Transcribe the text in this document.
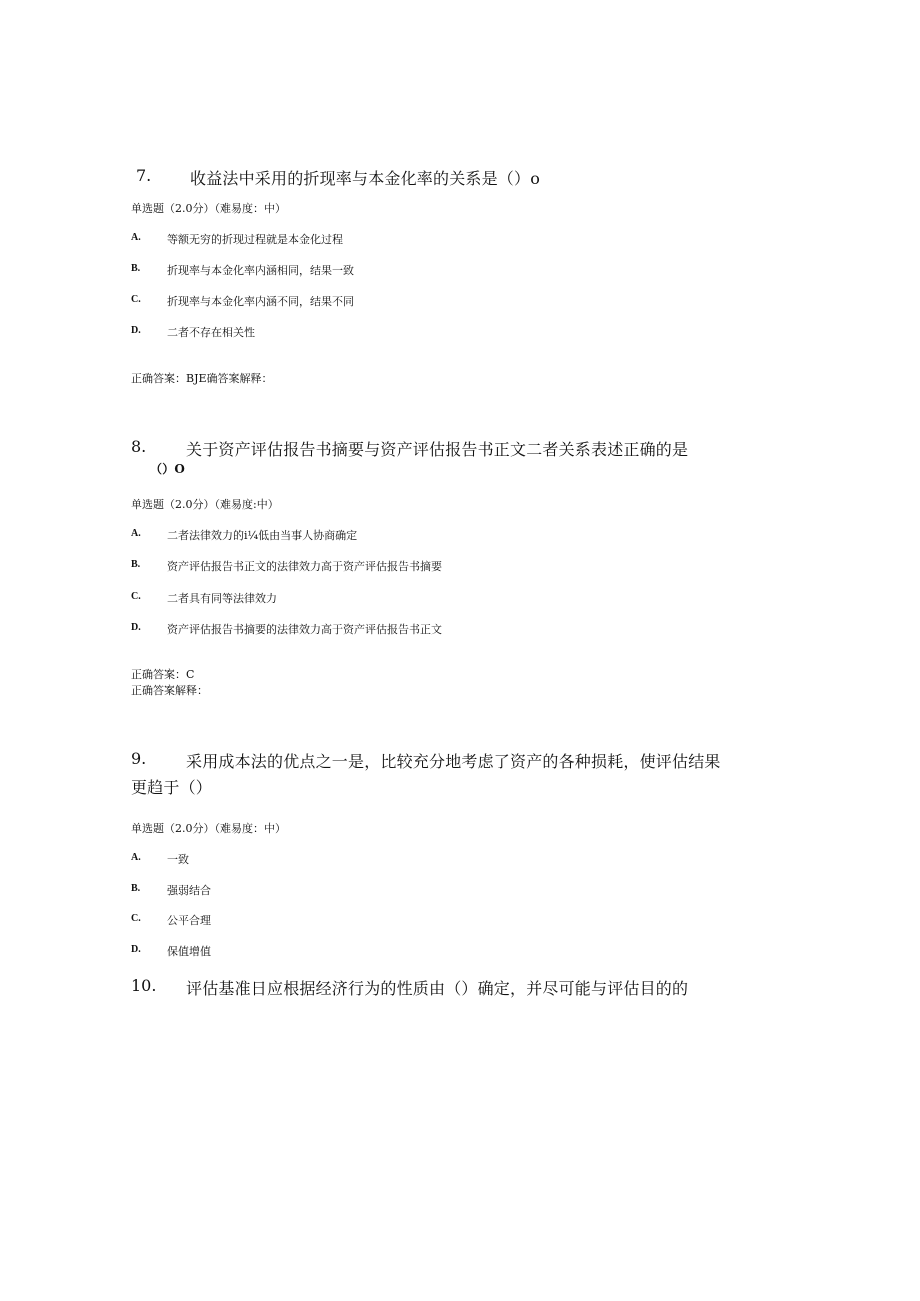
7. 收益法中采用的折现率与本金化率的关系是（）o
单选题（2.0分）（难易度：中）
A. 等额无穷的折现过程就是本金化过程
B. 折现率与本金化率内涵相同，结果一致
C. 折现率与本金化率内涵不同，结果不同
D. 二者不存在相关性
正确答案：BJE确答案解释：
8. 关于资产评估报告书摘要与资产评估报告书正文二者关系表述正确的是
（）O
单选题（2.0分）（难易度:中）
A. 二者法律效力的i¼低由当事人协商确定
B. 资产评估报告书正文的法律效力高于资产评估报告书摘要
C. 二者具有同等法律效力
D. 资产评估报告书摘要的法律效力高于资产评估报告书正文
正确答案：C
正确答案解释：
9. 采用成本法的优点之一是，比较充分地考虑了资产的各种损耗，使评估结果
更趋于（）
单选题（2.0分）（难易度：中）
A. 一致
B. 强弱结合
C. 公平合理
D. 保值增值
10. 评估基准日应根据经济行为的性质由（）确定，并尽可能与评估目的的
